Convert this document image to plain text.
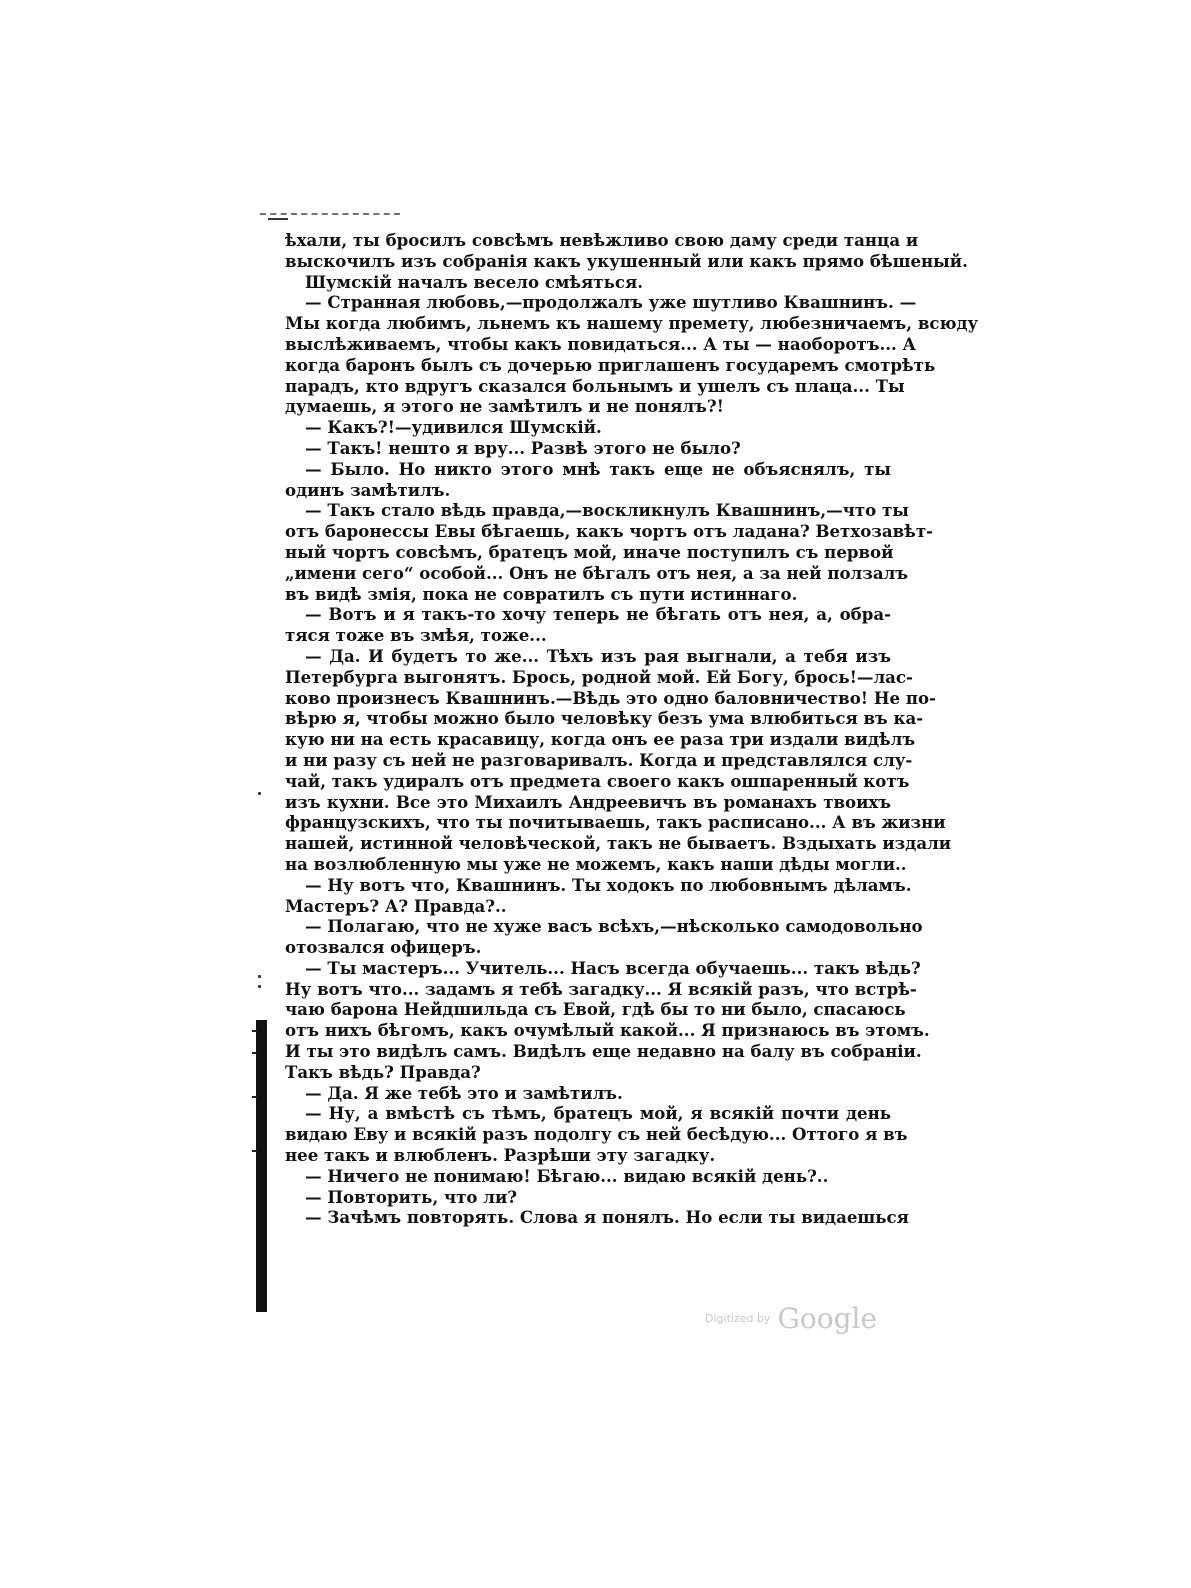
ѣхали, ты бросилъ совсѣмъ невѣжливо свою даму среди танца и
выскочилъ изъ собранія какъ укушенный или какъ прямо бѣшеный.
Шумскій началъ весело смѣяться.
— Странная любовь,—продолжалъ уже шутливо Квашнинъ. —
Мы когда любимъ, льнемъ къ нашему премету, любезничаемъ, всюду
выслѣживаемъ, чтобы какъ повидаться... А ты — наоборотъ... А
когда баронъ былъ съ дочерью приглашенъ государемъ смотрѣть
парадъ, кто вдругъ сказался больнымъ и ушелъ съ плаца... Ты
думаешь, я этого не замѣтилъ и не понялъ?!
— Какъ?!—удивился Шумскій.
— Такъ! нешто я вру... Развѣ этого не было?
— Было. Но никто этого мнѣ такъ еще не объяснялъ, ты
одинъ замѣтилъ.
— Такъ стало вѣдь правда,—воскликнулъ Квашнинъ,—что ты
отъ баронессы Евы бѣгаешь, какъ чортъ отъ ладана? Ветхозавѣт-
ный чортъ совсѣмъ, братецъ мой, иначе поступилъ съ первой
„имени сего“ особой... Онъ не бѣгалъ отъ нея, а за ней ползалъ
въ видѣ змія, пока не совратилъ съ пути истиннаго.
— Вотъ и я такъ-то хочу теперь не бѣгать отъ нея, а, обра-
тяся тоже въ змѣя, тоже...
— Да. И будетъ то же... Тѣхъ изъ рая выгнали, а тебя изъ
Петербурга выгонятъ. Брось, родной мой. Ей Богу, брось!—лас-
ково произнесъ Квашнинъ.—Вѣдь это одно баловничество! Не по-
вѣрю я, чтобы можно было человѣку безъ ума влюбиться въ ка-
кую ни на есть красавицу, когда онъ ее раза три издали видѣлъ
и ни разу съ ней не разговаривалъ. Когда и представлялся слу-
чай, такъ удиралъ отъ предмета своего какъ ошпаренный котъ
изъ кухни. Все это Михаилъ Андреевичъ въ романахъ твоихъ
французскихъ, что ты почитываешь, такъ расписано... А въ жизни
нашей, истинной человѣческой, такъ не бываетъ. Вздыхать издали
на возлюбленную мы уже не можемъ, какъ наши дѣды могли..
— Ну вотъ что, Квашнинъ. Ты ходокъ по любовнымъ дѣламъ.
Мастеръ? А? Правда?..
— Полагаю, что не хуже васъ всѣхъ,—нѣсколько самодовольно
отозвался офицеръ.
— Ты мастеръ... Учитель... Насъ всегда обучаешь... такъ вѣдь?
Ну вотъ что... задамъ я тебѣ загадку... Я всякій разъ, что встрѣ-
чаю барона Нейдшильда съ Евой, гдѣ бы то ни было, спасаюсь
отъ нихъ бѣгомъ, какъ очумѣлый какой... Я признаюсь въ этомъ.
И ты это видѣлъ самъ. Видѣлъ еще недавно на балу въ собраніи.
Такъ вѣдь? Правда?
— Да. Я же тебѣ это и замѣтилъ.
— Ну, а вмѣстѣ съ тѣмъ, братецъ мой, я всякій почти день
видаю Еву и всякій разъ подолгу съ ней бесѣдую... Оттого я въ
нее такъ и влюбленъ. Разрѣши эту загадку.
— Ничего не понимаю! Бѣгаю... видаю всякій день?..
— Повторить, что ли?
— Зачѣмъ повторять. Слова я понялъ. Но если ты видаешься
Digitized by Google
